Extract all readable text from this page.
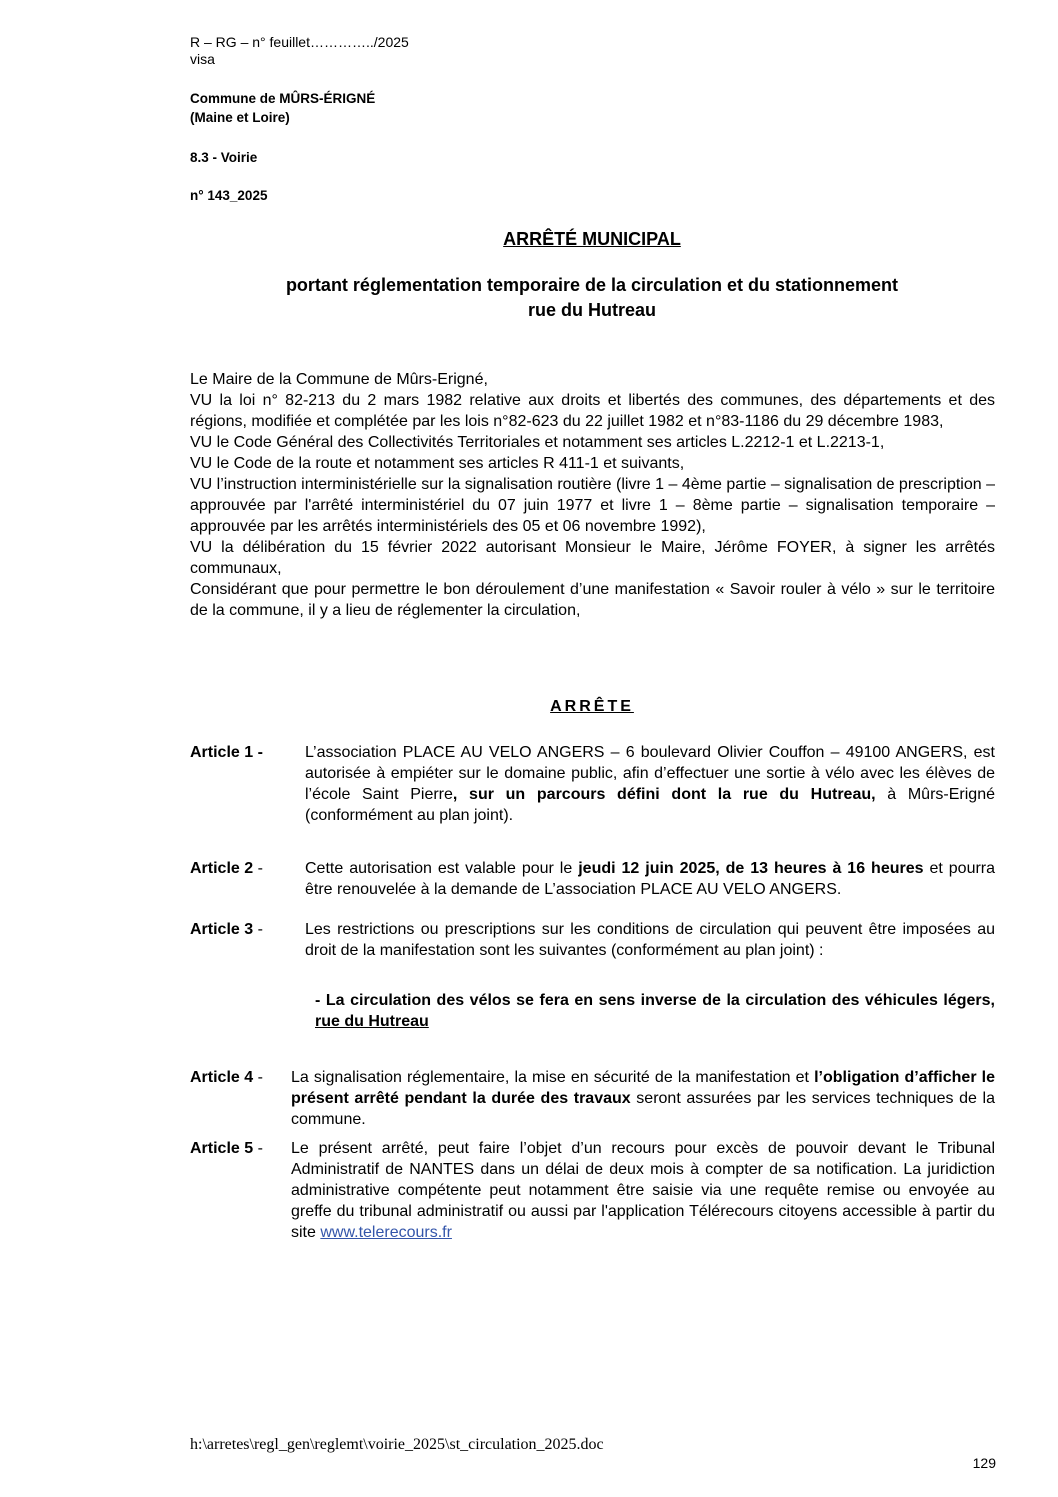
R – RG – n° feuillet…………../2025
visa
Commune de MÛRS-ÉRIGNÉ
(Maine et Loire)
8.3 - Voirie
n° 143_2025
ARRÊTÉ MUNICIPAL
portant réglementation temporaire de la circulation et du stationnement
rue du Hutreau
Le Maire de la Commune de Mûrs-Erigné,
VU la loi n° 82-213 du 2 mars 1982 relative aux droits et libertés des communes, des départements et des régions, modifiée et complétée par les lois n°82-623 du 22 juillet 1982 et n°83-1186 du 29 décembre 1983,
VU le Code Général des Collectivités Territoriales et notamment ses articles L.2212-1 et L.2213-1,
VU le Code de la route et notamment ses articles R 411-1 et suivants,
VU l’instruction interministérielle sur la signalisation routière (livre 1 – 4ème partie – signalisation de prescription – approuvée par l'arrêté interministériel du 07 juin 1977 et livre 1 – 8ème partie – signalisation temporaire – approuvée par les arrêtés interministériels des 05 et 06 novembre 1992),
VU la délibération du 15 février 2022 autorisant Monsieur le Maire, Jérôme FOYER, à signer les arrêtés communaux,
Considérant que pour permettre le bon déroulement d’une manifestation « Savoir rouler à vélo » sur le territoire de la commune, il y a lieu de réglementer la circulation,
ARRÊTE
Article 1 -	L’association PLACE AU VELO ANGERS – 6 boulevard Olivier Couffon – 49100 ANGERS, est autorisée à empiéter sur le domaine public, afin d’effectuer une sortie à vélo avec les élèves de l’école Saint Pierre, sur un parcours défini dont la rue du Hutreau, à Mûrs-Erigné (conformément au plan joint).
Article 2 -	Cette autorisation est valable pour le jeudi 12 juin 2025, de 13 heures à 16 heures et pourra être renouvelée à la demande de L’association PLACE AU VELO ANGERS.
Article 3 -	Les restrictions ou prescriptions sur les conditions de circulation qui peuvent être imposées au droit de la manifestation sont les suivantes (conformément au plan joint) :
- La circulation des vélos se fera en sens inverse de la circulation des véhicules légers, rue du Hutreau
Article 4 - La signalisation réglementaire, la mise en sécurité de la manifestation et l’obligation d’afficher le présent arrêté pendant la durée des travaux seront assurées par les services techniques de la commune.
Article 5 - Le présent arrêté, peut faire l’objet d’un recours pour excès de pouvoir devant le Tribunal Administratif de NANTES dans un délai de deux mois à compter de sa notification. La juridiction administrative compétente peut notamment être saisie via une requête remise ou envoyée au greffe du tribunal administratif ou aussi par l'application Télérecours citoyens accessible à partir du site www.telerecours.fr
h:\arretes\regl_gen\reglemt\voirie_2025\st_circulation_2025.doc
129
